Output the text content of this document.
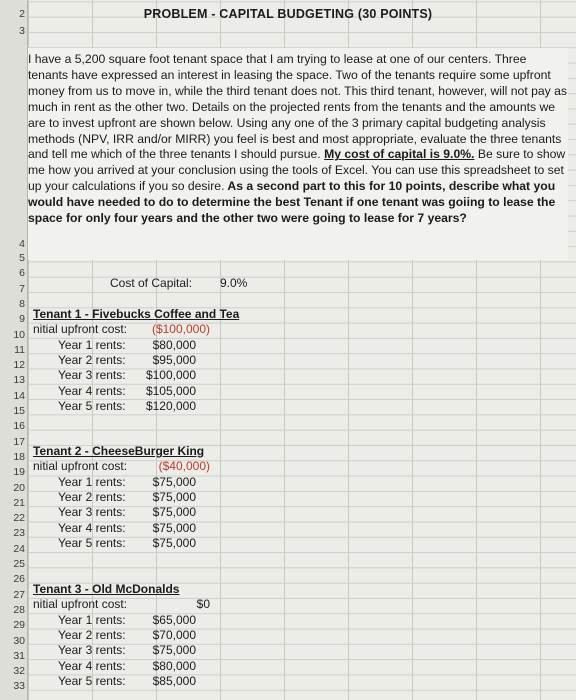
2
3
4
5
6
7
8
9
10
11
12
13
14
15
16
17
18
19
20
21
22
23
24
25
26
27
28
29
30
31
32
33
PROBLEM - CAPITAL BUDGETING (30 POINTS)

I have a 5,200 square foot tenant space that I am trying to lease at one of our centers. Three tenants have expressed an interest in leasing the space. Two of the tenants require some upfront money from us to move in, while the third tenant does not. This third tenant, however, will not pay as much in rent as the other two. Details on the projected rents from the tenants and the amounts we are to invest upfront are shown below. Using any one of the 3 primary capital budgeting analysis methods (NPV, IRR and/or MIRR) you feel is best and most appropriate, evaluate the three tenants and tell me which of the three tenants I should pursue. My cost of capital is 9.0%. Be sure to show me how you arrived at your conclusion using the tools of Excel. You can use this spreadsheet to set up your calculations if you so desire. As a second part to this for 10 points, describe what you would have needed to do to determine the best Tenant if one tenant was goiing to lease the space for only four years and the other two were going to lease for 7 years?

Cost of Capital: 9.0%
Tenant 1 - Fivebucks Coffee and Tea
nitial upfront cost:	($100,000)
Year 1 rents:	$80,000
Year 2 rents:	$95,000
Year 3 rents:	$100,000
Year 4 rents:	$105,000
Year 5 rents:	$120,000
Tenant 2 - CheeseBurger King
nitial upfront cost:	($40,000)
Year 1 rents:	$75,000
Year 2 rents:	$75,000
Year 3 rents:	$75,000
Year 4 rents:	$75,000
Year 5 rents:	$75,000
Tenant 3 - Old McDonalds
nitial upfront cost:	$0
Year 1 rents:	$65,000
Year 2 rents:	$70,000
Year 3 rents:	$75,000
Year 4 rents:	$80,000
Year 5 rents:	$85,000
